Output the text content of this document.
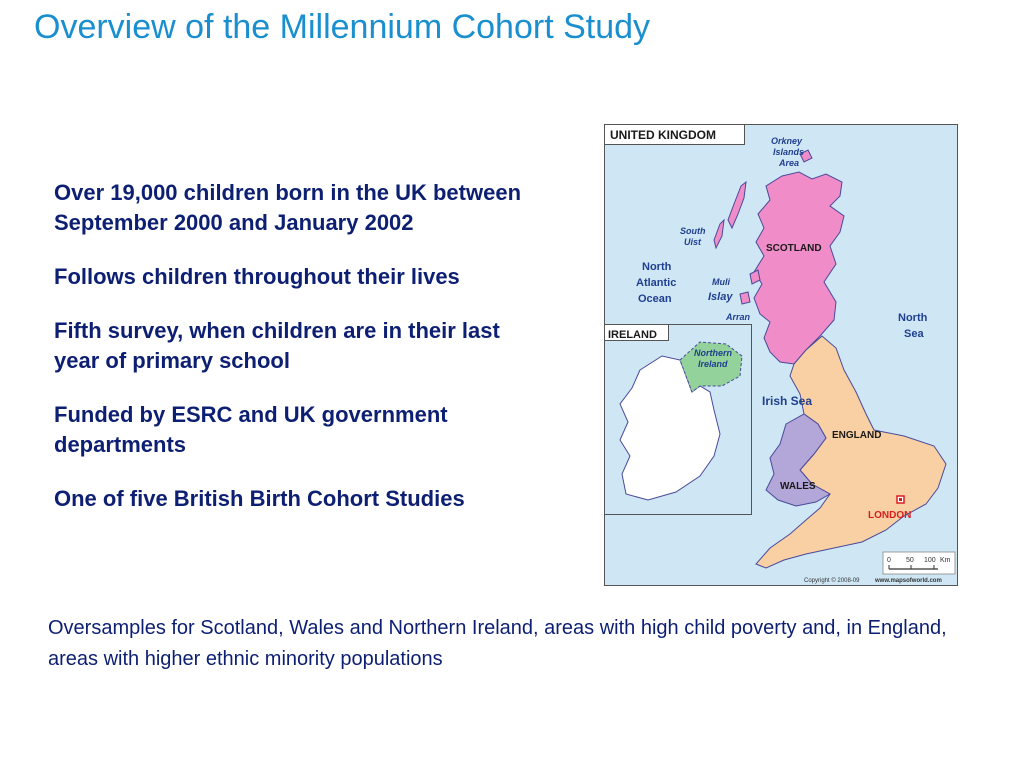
Overview of the Millennium Cohort Study

Over 19,000 children born in the UK between September 2000 and January 2002

Follows children throughout their lives

Fifth survey, when children are in their last year of primary school

Funded by ESRC and UK government departments

One of five British Birth Cohort Studies

Oversamples for Scotland, Wales and Northern Ireland, areas with high child poverty and, in England, areas with higher ethnic minority populations
UNITED KINGDOM
IRELAND
Orkney
Islands
Area
South
Uist
Muli
Islay
Arran
Northern
Ireland
North
Atlantic
Ocean
North
Sea
Irish Sea
SCOTLAND
ENGLAND
WALES
LONDON
0 50 100 Km
Copyright © 2008-09	www.mapsofworld.com
